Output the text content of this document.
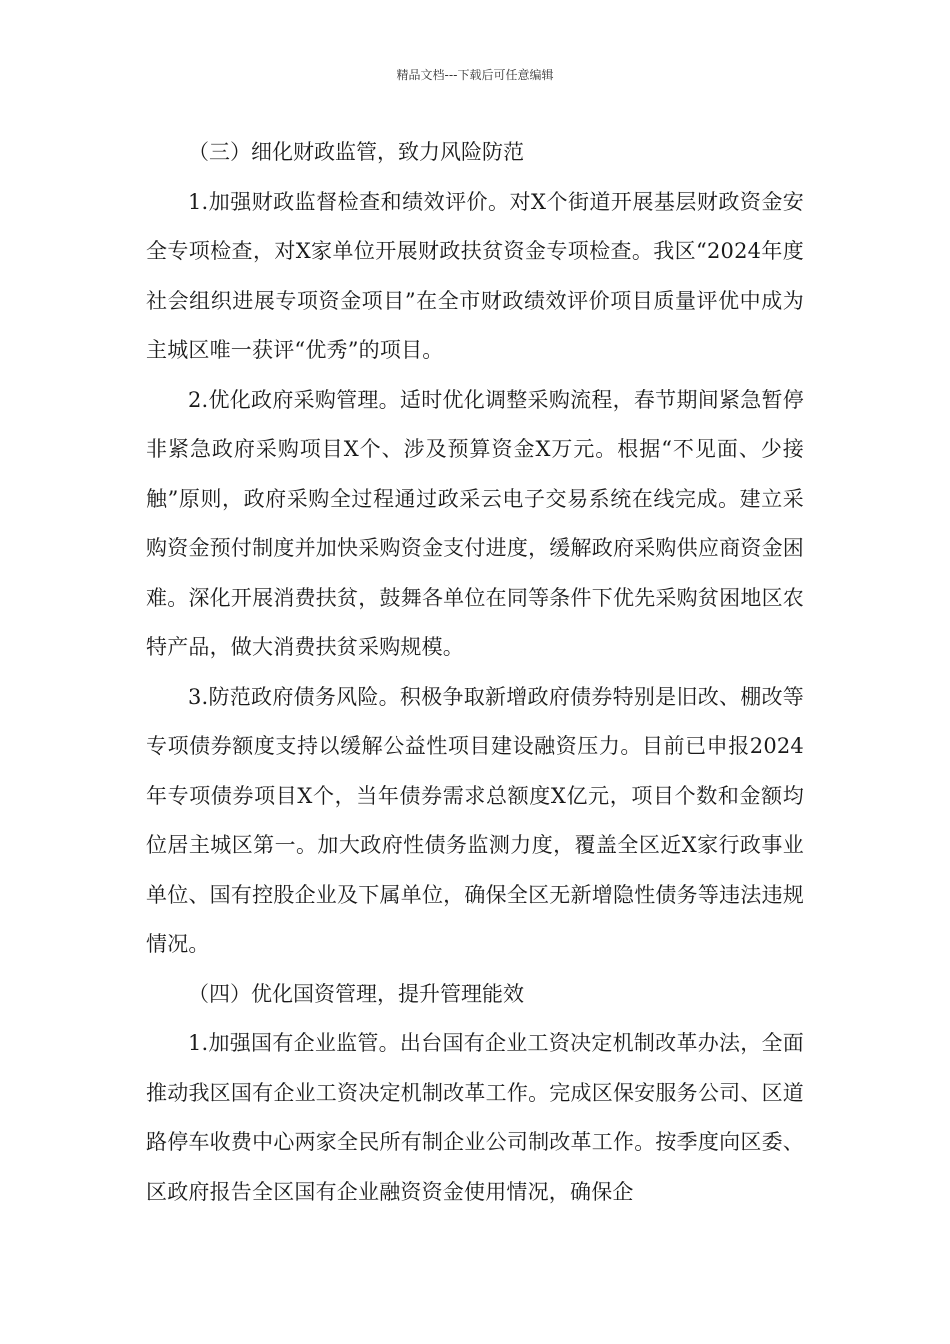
精品文档---下载后可任意编辑

（三）细化财政监管，致力风险防范

1.加强财政监督检查和绩效评价。对X个街道开展基层财政资金安全专项检查，对X家单位开展财政扶贫资金专项检查。我区“2024年度社会组织进展专项资金项目”在全市财政绩效评价项目质量评优中成为主城区唯一获评“优秀”的项目。

2.优化政府采购管理。适时优化调整采购流程，春节期间紧急暂停非紧急政府采购项目X个、涉及预算资金X万元。根据“不见面、少接触”原则，政府采购全过程通过政采云电子交易系统在线完成。建立采购资金预付制度并加快采购资金支付进度，缓解政府采购供应商资金困难。深化开展消费扶贫，鼓舞各单位在同等条件下优先采购贫困地区农特产品，做大消费扶贫采购规模。

3.防范政府债务风险。积极争取新增政府债券特别是旧改、棚改等专项债券额度支持以缓解公益性项目建设融资压力。目前已申报2024年专项债券项目X个，当年债券需求总额度X亿元，项目个数和金额均位居主城区第一。加大政府性债务监测力度，覆盖全区近X家行政事业单位、国有控股企业及下属单位，确保全区无新增隐性债务等违法违规情况。

（四）优化国资管理，提升管理能效

1.加强国有企业监管。出台国有企业工资决定机制改革办法，全面推动我区国有企业工资决定机制改革工作。完成区保安服务公司、区道路停车收费中心两家全民所有制企业公司制改革工作。按季度向区委、区政府报告全区国有企业融资资金使用情况，确保企
